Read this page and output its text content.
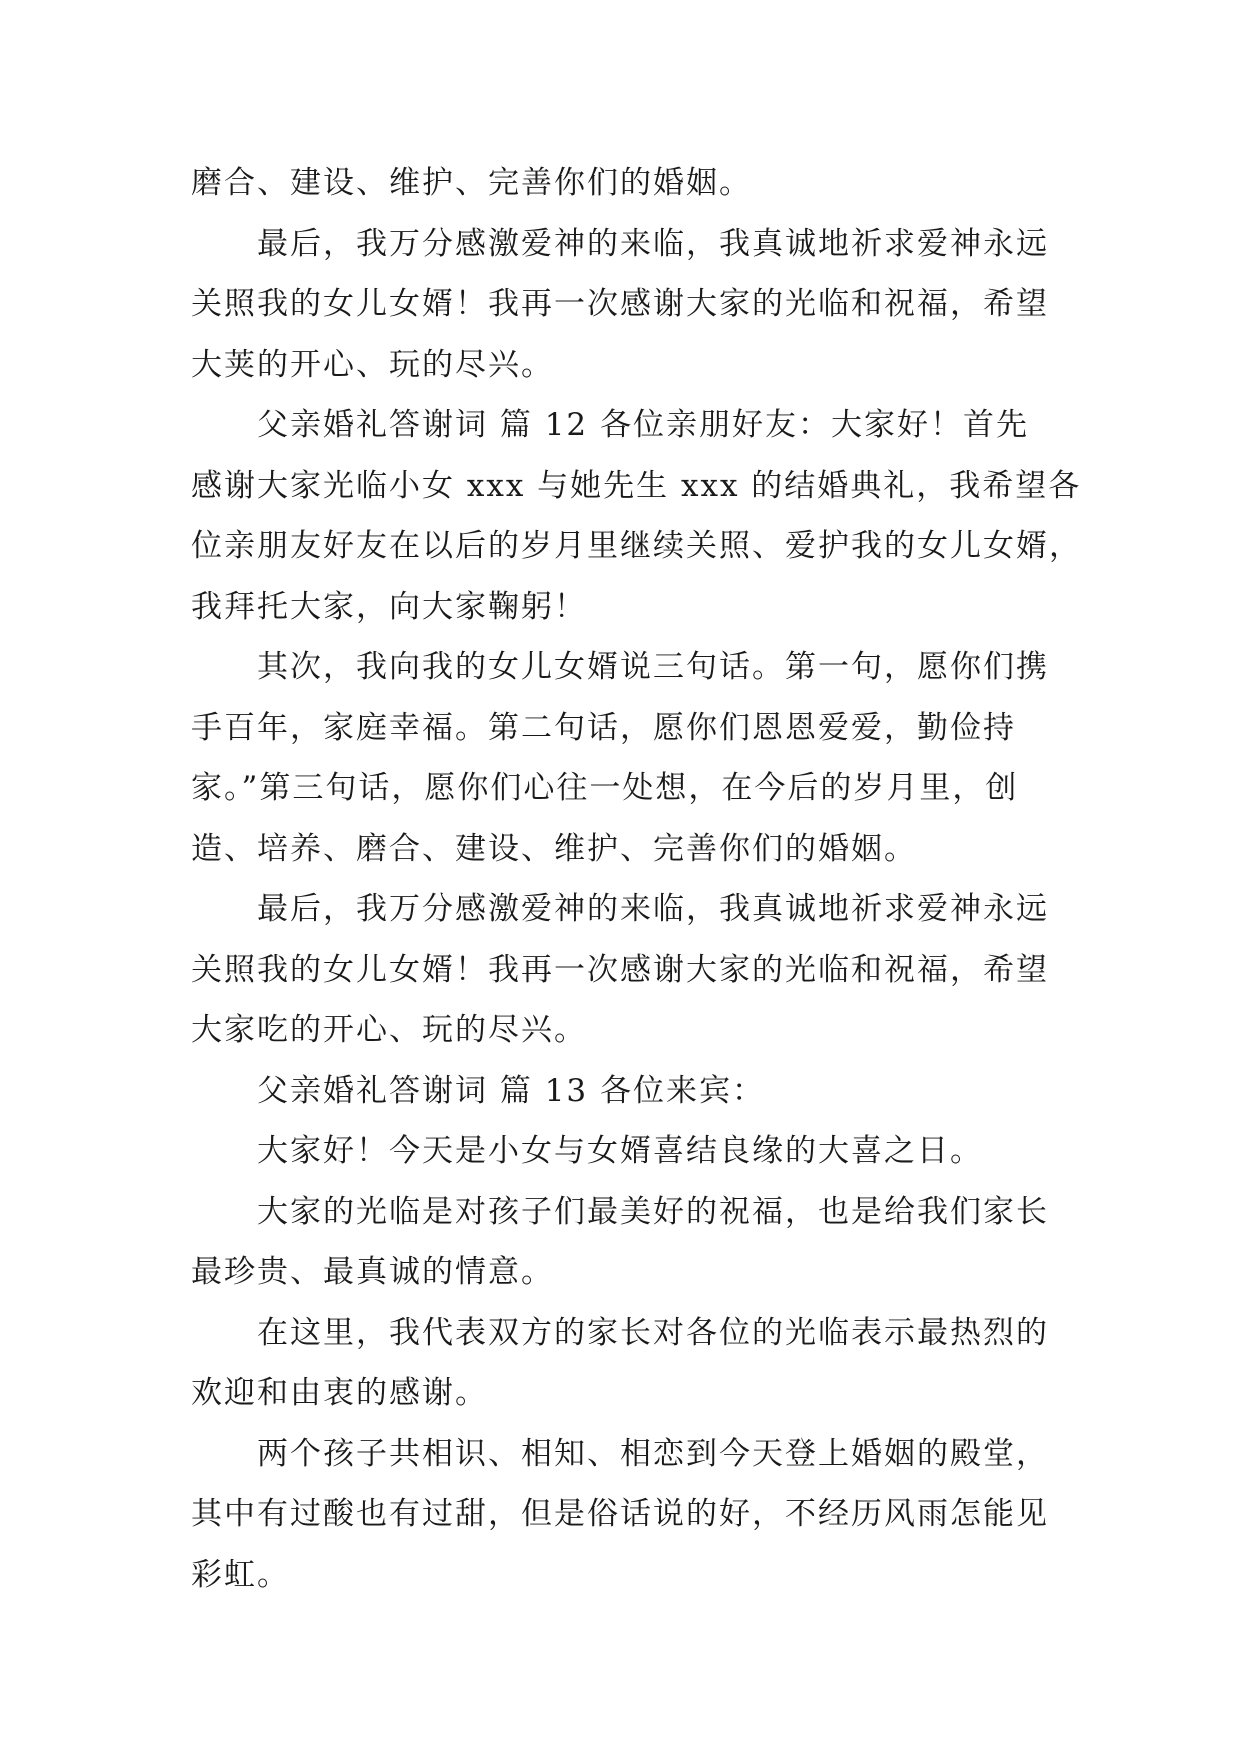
磨合、建设、维护、完善你们的婚姻。
最后，我万分感激爱神的来临，我真诚地祈求爱神永远
关照我的女儿女婿！我再一次感谢大家的光临和祝福，希望
大荚的开心、玩的尽兴。
父亲婚礼答谢词 篇 12 各位亲朋好友：大家好！首先
感谢大家光临小女 xxx 与她先生 xxx 的结婚典礼，我希望各
位亲朋友好友在以后的岁月里继续关照、爱护我的女儿女婿，
我拜托大家，向大家鞠躬！
其次，我向我的女儿女婿说三句话。第一句，愿你们携
手百年，家庭幸福。第二句话，愿你们恩恩爱爱，勤俭持
家。”第三句话，愿你们心往一处想，在今后的岁月里，创
造、培养、磨合、建设、维护、完善你们的婚姻。
最后，我万分感激爱神的来临，我真诚地祈求爱神永远
关照我的女儿女婿！我再一次感谢大家的光临和祝福，希望
大家吃的开心、玩的尽兴。
父亲婚礼答谢词 篇 13 各位来宾：
大家好！今天是小女与女婿喜结良缘的大喜之日。
大家的光临是对孩子们最美好的祝福，也是给我们家长
最珍贵、最真诚的情意。
在这里，我代表双方的家长对各位的光临表示最热烈的
欢迎和由衷的感谢。
两个孩子共相识、相知、相恋到今天登上婚姻的殿堂，
其中有过酸也有过甜，但是俗话说的好，不经历风雨怎能见
彩虹。
